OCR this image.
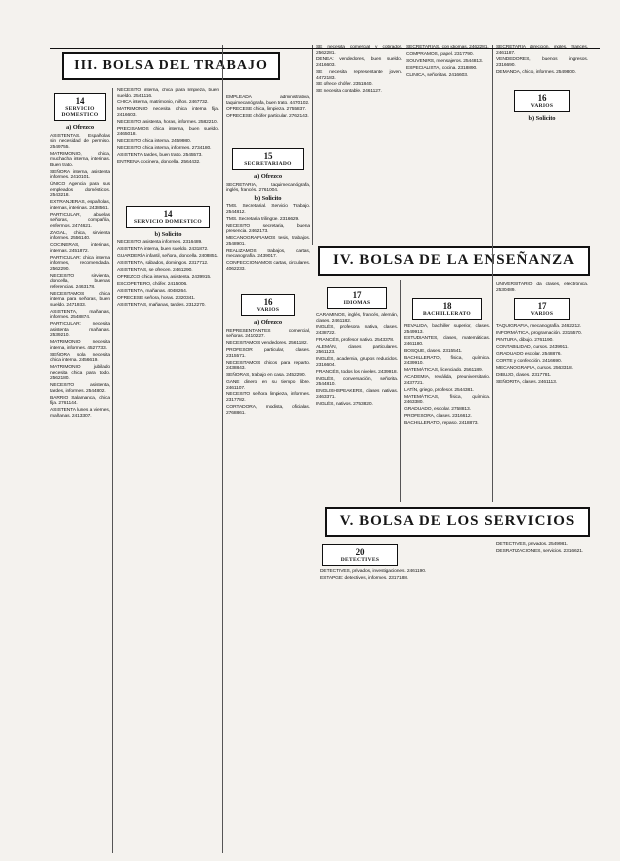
III. BOLSA DEL TRABAJO
IV. BOLSA DE LA ENSEÑANZA
V. BOLSA DE LOS SERVICIOS
14
SERVICIO DOMESTICO
a) Ofrezco

ASISTENTAS. Españolas sin necesidad de permiso. 2549755.

MATRIMONIO, chica, muchacha interna, interinas. Buen trato.

SEÑORA interna, asistenta informes. 2410101.

ÚNICO Agencia para sus empleados domésticos. 2543218.

EXTRANJERAS, españolas, internas, interinas. 2438561.

PARTICULAR, abuelas señoras, compañía, enfermos. 2474621.

ZAGAL, chica, sirvienta informes. 2556140.

COCINERAS, interinas, internas. 2451872.

PARTICULAR: chica interna informes, recomendada. 2562290.

NECESITO sirvienta, doncella, buenas referencias. 2463178.

NECESITAMOS chica interna para señoras, buen sueldo. 2471933.

ASISTENTA, mañanas, informes. 2548874.

PARTICULAR: necesita asistenta mañanas. 2539210.

MATRIMONIO necesita interna, informes. 4527733.

SEÑORA sola necesita chica interna. 2456619.

MATRIMONIO jubilado necesita chica para todo. 2562180.

NECESITO asistenta, tardes, informes. 2544802.

BARRIO Salamanca, chica fija. 2761144.

ASISTENTA lunes a viernes, mañanas. 2413307.

NECESITO interna, chica para limpieza, buen sueldo. 2541116.

CHICA interna, matrimonio, niños. 2467732.

MATRIMONIO necesita chica interna fija. 2416603.

NECESITO asistenta, horas, informes. 2582210.

PRECISAMOS chica interna, buen sueldo. 2465018.

NECESITO chica interna. 2459980.

NECESITO chica interna, informes. 2734180.

ASISTENTA tardes, buen trato. 2545573.

ENTRENA cocinera, doncella. 2564432.

14
SERVICIO DOMESTICO
b) Solicito

NECESITO asistenta informes. 2316489.

ASISTENTA interna, buen sueldo. 2431872.

GUARDERÍA infantil, señora, doncella. 2408851.

ASISTENTA, sábados, domingos. 2317712.

ASISTENTAS, se ofrecen. 2461290.

OFREZCO chica interna, asistenta. 2439915.

ESCOPETERO, chófer. 2415006.

ASISTENTA, mañanas. 4048264.

OFRECESE señora, horas. 2320341.

ASISTENTAS, mañanas, tardes. 2312270.

EMPLEADA administrativa, taquimecanógrafa, buen trato. 4470102.

OFRECESE chica, limpieza. 2755837.

OFRECESE chófer particular. 2762143.

15
SECRETARIADO
a) Ofrezco

SECRETARIA, taquimecanógrafa, inglés, francés. 2761004.

b) Solicito

TMS. Secretarial. Servicio Trabajo. 2544812.

TMS. Secretaria trilingüe. 2316629.

NECESITO secretaria, buena presencia. 2462173.

MECANOGRAFIAMOS tesis, trabajos. 2548901.

REALIZAMOS trabajos, cartas, mecanografía. 2439017.

CONFECCIONAMOS cartas, circulares. 4062233.

16
VARIOS
a) Ofrezco

REPRESENTANTES comercial, señoras. 2410227.

NECESITAMOS vendedores. 2561182.

PROFESOR particular, clases. 2315571.

NECESITAMOS chicos para reparto. 2438843.

SEÑORAS, trabajo en casa. 2452290.

GANE dinero en su tiempo libre. 2461107.

NECESITO señora limpieza, informes. 2317782.

CORTADORA, modista, oficialas. 2768861.

SE necesita comercial y cobrador. 2562281.

DENEA: vendedores, buen sueldo. 2416603.

SE necesita representante joven. 4472183.

SE ofrece chófer. 2351840.

SE necesita contable. 2461127.

SECRETARIAS, con idiomas. 2462281.

COMPRAMOS, papel. 2317790.

SOUVENIRS, mensajeros. 2544813.

ESPECIALISTA, cocina. 2318890.

CLINICA, señoritas. 2416603.

SECRETARIA dirección, inglés, francés. 2461187.

VENDEDORES, buenos ingresos. 2316690.

DEMANDA, chico, informes. 2549800.

16
VARIOS
b) Solicito
17
IDIOMAS

CARAMINOS, inglés, francés, alemán, clases. 2461182.

INGLÉS, profesora nativa, clases. 2438722.

FRANCÉS, profesor nativo. 2543378.

ALEMÁN, clases particulares. 2561123.

INGLÉS, academia, grupos reducidos. 2316604.

FRANCÉS, todos los niveles. 2439918.

INGLÉS, conversación, señorita. 2544810.

ENGLISHSPEAKERS, clases nativas. 2463371.

INGLÉS, nativos. 2753820.

18
BACHILLERATO

REVALIDA, bachiller superior, clases. 2549913.

ESTUDIANTES, clases, matemáticas. 2461180.

BOSQUE, clases. 2315541.

BACHILLERATO, física, química. 2439910.

MATEMÁTICAS, licenciado. 2561189.

ACADEMIA, reválida, preuniversitario. 2437721.

LATÍN, griego, profesor. 2544381.

MATEMÁTICAS, física, química. 2463380.

GRADUADO, escolar. 2758813.

PROFESORA, clases. 2316612.

BACHILLERATO, repaso. 2418873.

UNIVERSITARIO da clases, electrónica. 2530489.

17
VARIOS

TAQUIGRAFIA, mecanografía. 2462212.

INFORMÁTICA, programación. 2315570.

PINTURA, dibujo. 2761190.

CONTABILIDAD, cursos. 2439911.

GRADUADO escolar. 2548876.

CORTE y confección. 2416690.

MECANOGRAFIA, cursos. 2563318.

DIBUJO, clases. 2317781.

SEÑORITA, clases. 2461113.

20
DETECTIVES

DETECTIVES, privados, investigaciones. 2461190.

ESTAPGE: detectives, informes. 2317188.

DETECTIVES, privados. 2549981.

DESRATIZACIONES, servicios. 2316621.
